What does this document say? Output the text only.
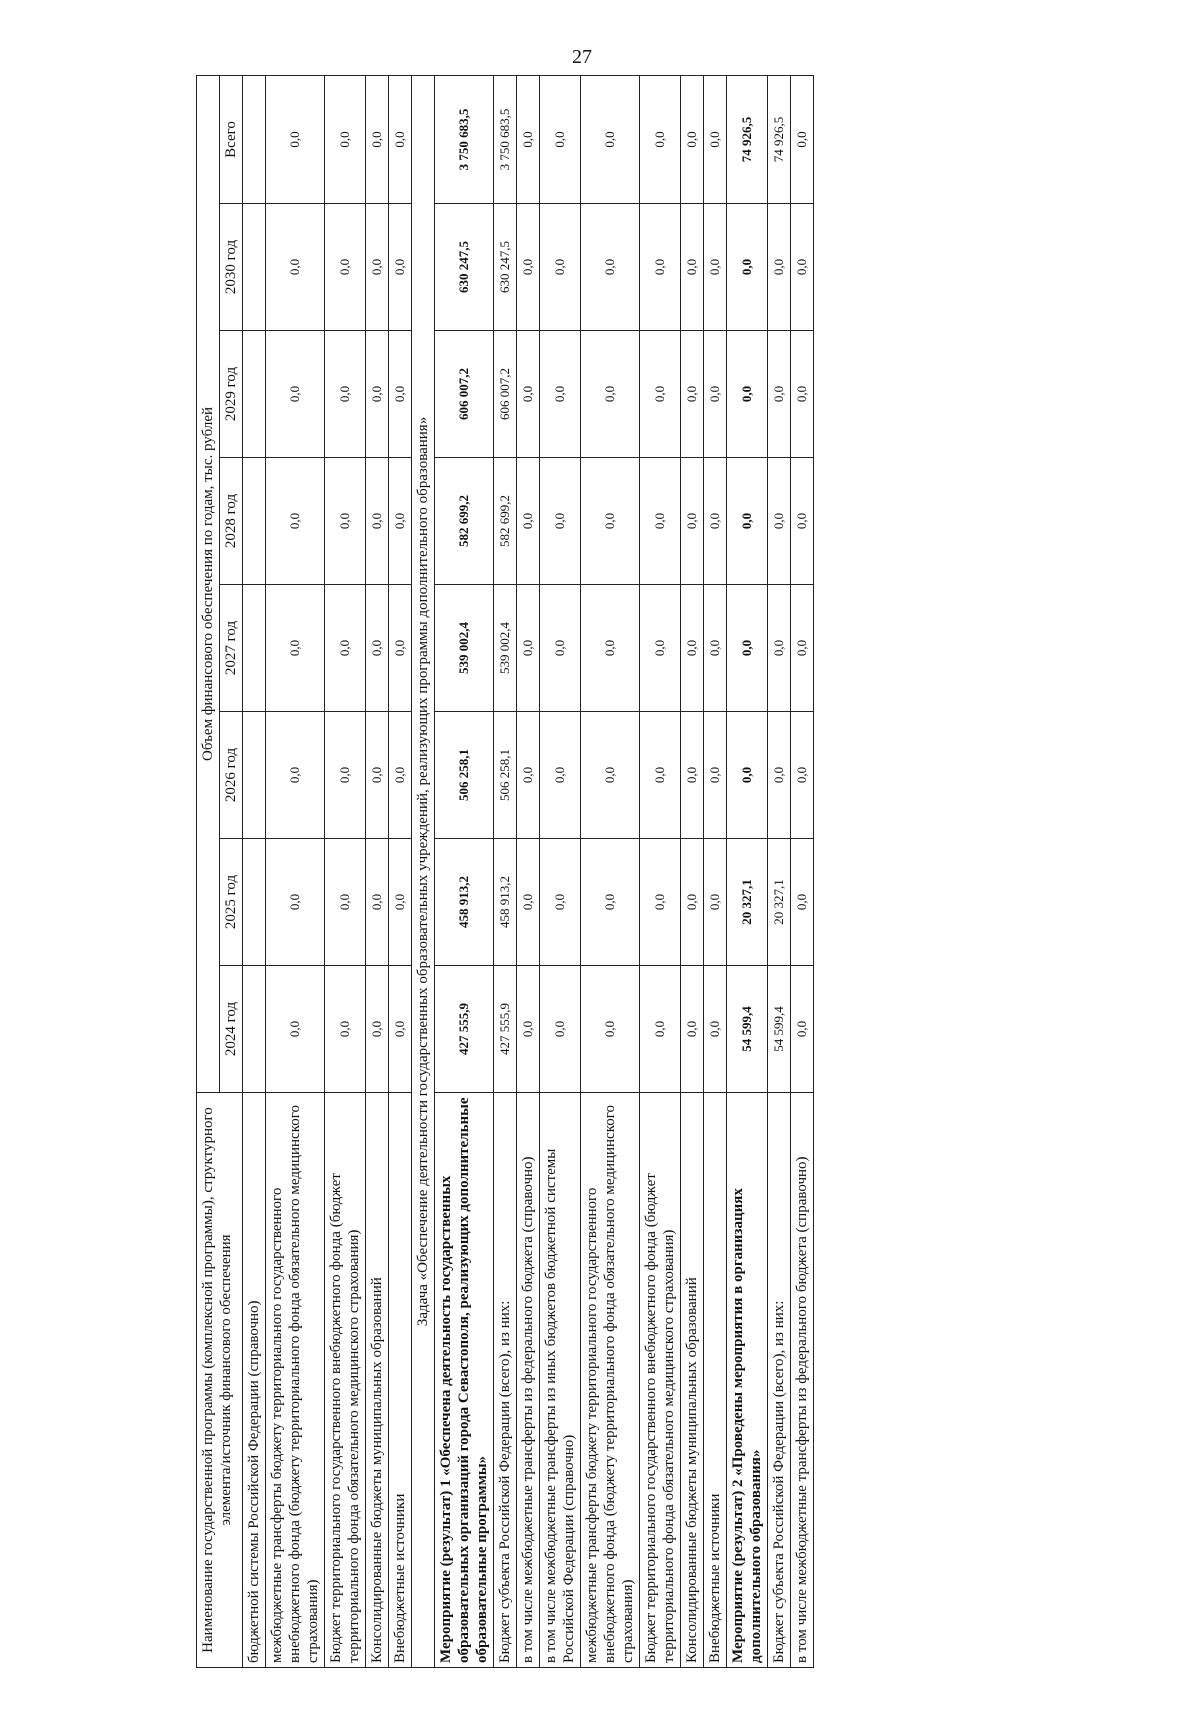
27
Наименование государственной программы (комплексной программы), структурного элемента/источник финансового обеспечения	Объем финансового обеспечения по годам, тыс. рублей							
	2024 год	2025 год	2026 год	2027 год	2028 год	2029 год	2030 год	Всего
бюджетной системы Российской Федерации (справочно)								
межбюджетные трансферты бюджету территориального государственного внебюджетного фонда (бюджету территориального фонда обязательного медицинского страхования)	0,0	0,0	0,0	0,0	0,0	0,0	0,0	0,0
Бюджет территориального государственного внебюджетного фонда (бюджет территориального фонда обязательного медицинского страхования)	0,0	0,0	0,0	0,0	0,0	0,0	0,0	0,0
Консолидированные бюджеты муниципальных образований	0,0	0,0	0,0	0,0	0,0	0,0	0,0	0,0
Внебюджетные источники	0,0	0,0	0,0	0,0	0,0	0,0	0,0	0,0
Задача «Обеспечение деятельности государственных образовательных учреждений, реализующих программы дополнительного образования»								
Мероприятие (результат) 1 «Обеспечена деятельность государственных образовательных организаций города Севастополя, реализующих дополнительные образовательные программы»	427 555,9	458 913,2	506 258,1	539 002,4	582 699,2	606 007,2	630 247,5	3 750 683,5
Бюджет субъекта Российской Федерации (всего), из них:	427 555,9	458 913,2	506 258,1	539 002,4	582 699,2	606 007,2	630 247,5	3 750 683,5
в том числе межбюджетные трансферты из федерального бюджета (справочно)	0,0	0,0	0,0	0,0	0,0	0,0	0,0	0,0
в том числе межбюджетные трансферты из иных бюджетов бюджетной системы Российской Федерации (справочно)	0,0	0,0	0,0	0,0	0,0	0,0	0,0	0,0
межбюджетные трансферты бюджету территориального государственного внебюджетного фонда (бюджету территориального фонда обязательного медицинского страхования)	0,0	0,0	0,0	0,0	0,0	0,0	0,0	0,0
Бюджет территориального государственного внебюджетного фонда (бюджет территориального фонда обязательного медицинского страхования)	0,0	0,0	0,0	0,0	0,0	0,0	0,0	0,0
Консолидированные бюджеты муниципальных образований	0,0	0,0	0,0	0,0	0,0	0,0	0,0	0,0
Внебюджетные источники	0,0	0,0	0,0	0,0	0,0	0,0	0,0	0,0
Мероприятие (результат) 2 «Проведены мероприятия в организациях дополнительного образования»	54 599,4	20 327,1	0,0	0,0	0,0	0,0	0,0	74 926,5
Бюджет субъекта Российской Федерации (всего), из них:	54 599,4	20 327,1	0,0	0,0	0,0	0,0	0,0	74 926,5
в том числе межбюджетные трансферты из федерального бюджета (справочно)	0,0	0,0	0,0	0,0	0,0	0,0	0,0	0,0
